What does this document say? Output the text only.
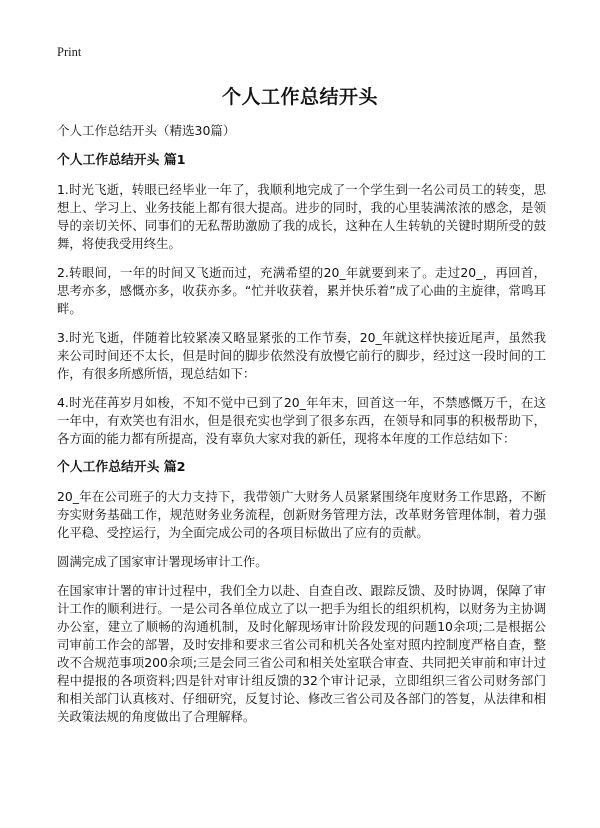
Print
个人工作总结开头
个人工作总结开头（精选30篇）
个人工作总结开头 篇1

1.时光飞逝，转眼已经毕业一年了，我顺利地完成了一个学生到一名公司员工的转变，思想上、学习上、业务技能上都有很大提高。进步的同时，我的心里装满浓浓的感念，是领导的亲切关怀、同事们的无私帮助激励了我的成长，这种在人生转轨的关键时期所受的鼓舞，将使我受用终生。

2.转眼间，一年的时间又飞逝而过，充满希望的20_年就要到来了。走过20_，再回首，思考亦多，感慨亦多，收获亦多。“忙并收获着，累并快乐着”成了心曲的主旋律，常鸣耳畔。

3.时光飞逝，伴随着比较紧凑又略显紧张的工作节奏，20_年就这样快接近尾声，虽然我来公司时间还不太长，但是时间的脚步依然没有放慢它前行的脚步，经过这一段时间的工作，有很多所感所悟，现总结如下：

4.时光荏苒岁月如梭，不知不觉中已到了20_年年末，回首这一年，不禁感慨万千，在这一年中，有欢笑也有泪水，但是很充实也学到了很多东西，在领导和同事的积极帮助下，各方面的能力都有所提高，没有辜负大家对我的新任，现将本年度的工作总结如下：

个人工作总结开头 篇2

20_年在公司班子的大力支持下，我带领广大财务人员紧紧围绕年度财务工作思路，不断夯实财务基础工作，规范财务业务流程，创新财务管理方法，改革财务管理体制，着力强化平稳、受控运行，为全面完成公司的各项目标做出了应有的贡献。

圆满完成了国家审计署现场审计工作。

在国家审计署的审计过程中，我们全力以赴、自查自改、跟踪反馈、及时协调，保障了审计工作的顺利进行。一是公司各单位成立了以一把手为组长的组织机构，以财务为主协调办公室，建立了顺畅的沟通机制，及时化解现场审计阶段发现的问题10余项;二是根据公司审前工作会的部署，及时安排和要求三省公司和机关各处室对照内控制度严格自查，整改不合规范事项200余项;三是会同三省公司和相关处室联合审查、共同把关审前和审计过程中提报的各项资料;四是针对审计组反馈的32个审计记录，立即组织三省公司财务部门和相关部门认真核对、仔细研究，反复讨论、修改三省公司及各部门的答复，从法律和相关政策法规的角度做出了合理解释。
